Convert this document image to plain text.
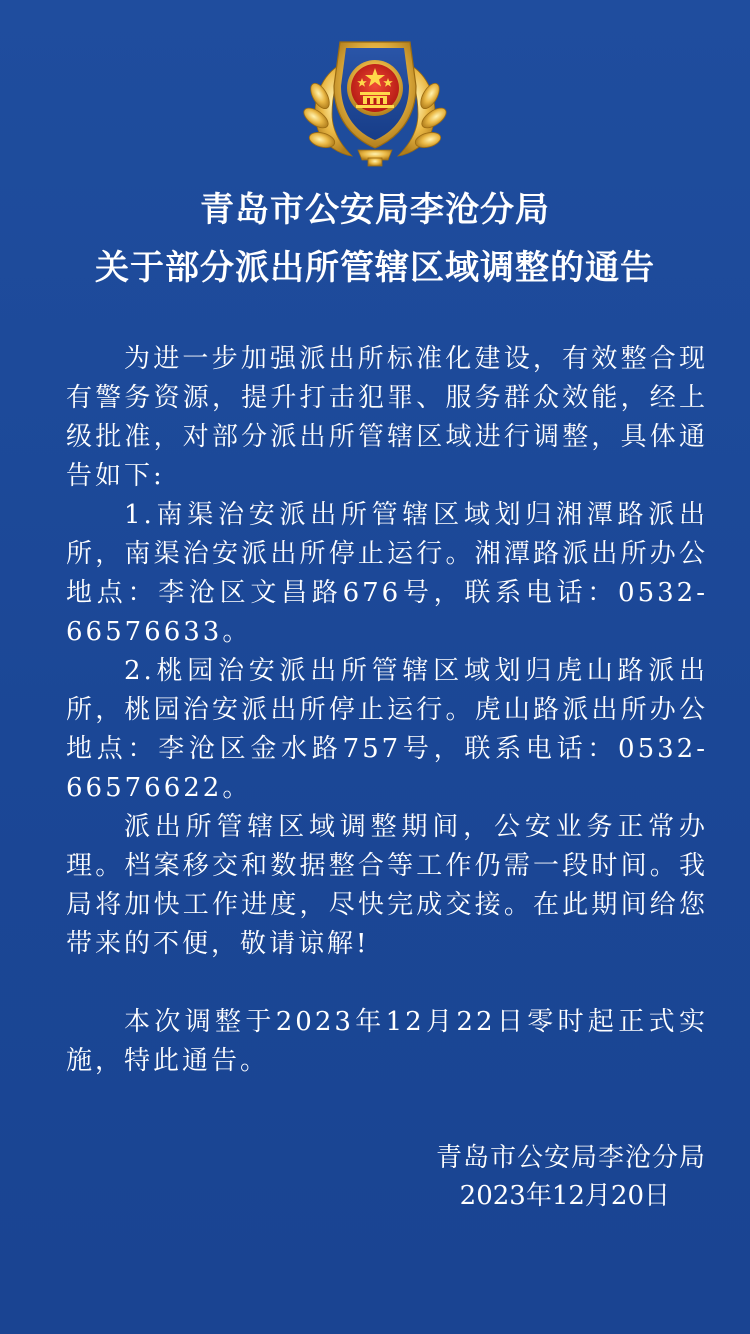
青岛市公安局李沧分局
关于部分派出所管辖区域调整的通告

为进一步加强派出所标准化建设，有效整合现有警务资源，提升打击犯罪、服务群众效能，经上级批准，对部分派出所管辖区域进行调整，具体通告如下:

1.南渠治安派出所管辖区域划归湘潭路派出所，南渠治安派出所停止运行。湘潭路派出所办公地点：李沧区文昌路676号，联系电话：0532-66576633。

2.桃园治安派出所管辖区域划归虎山路派出所，桃园治安派出所停止运行。虎山路派出所办公地点：李沧区金水路757号，联系电话：0532-66576622。

派出所管辖区域调整期间，公安业务正常办理。档案移交和数据整合等工作仍需一段时间。我局将加快工作进度，尽快完成交接。在此期间给您带来的不便，敬请谅解!

本次调整于2023年12月22日零时起正式实施，特此通告。

青岛市公安局李沧分局
2023年12月20日
